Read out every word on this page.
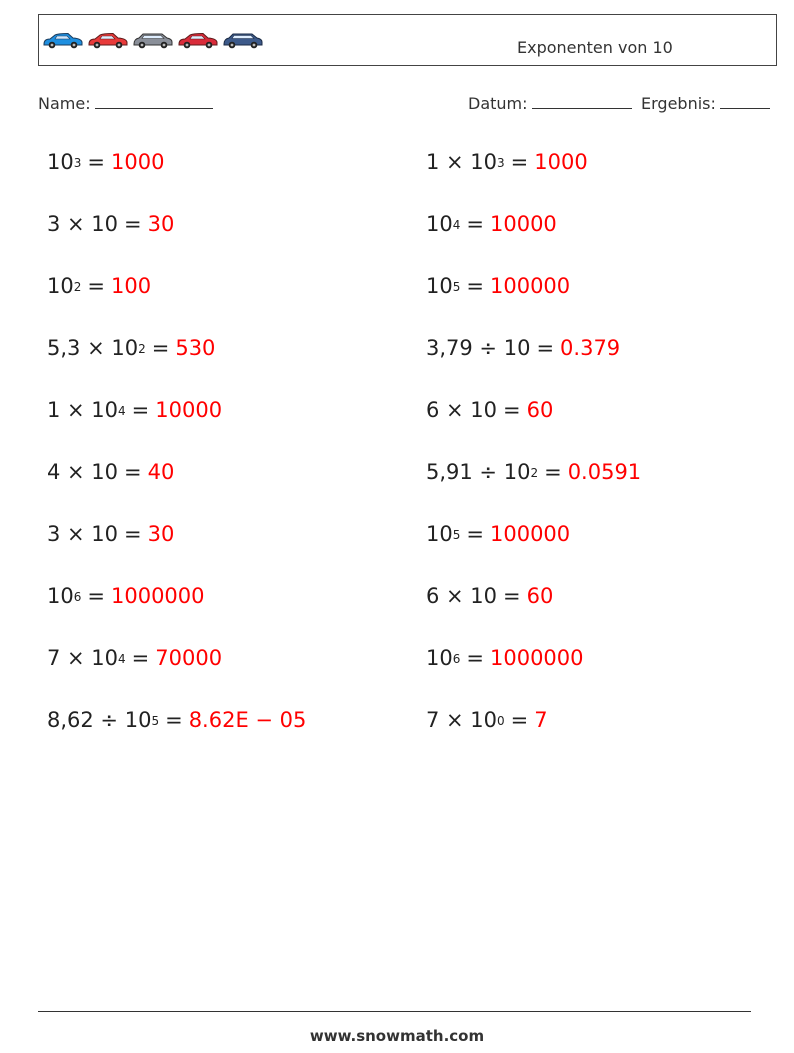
Exponenten von 10
Name:	Datum:	Ergebnis:
$10^3 = 1000$
3 × 10 = 30
$10^2 = 100$
$5,3 \times 10^2 = 530$
$1 \times 10^4 = 10000$
4 × 10 = 40
3 × 10 = 30
$10^6 = 1000000$
$7 \times 10^4 = 70000$
$8,62 \div 10^5 = 8.62E - 05$
$1 \times 10^3 = 1000$
$10^4 = 10000$
$10^5 = 100000$
3,79 ÷ 10 = 0.379
6 × 10 = 60
$5,91 \div 10^2 = 0.0591$
$10^5 = 100000$
6 × 10 = 60
$10^6 = 1000000$
$7 \times 10^0 = 7$
www.snowmath.com
